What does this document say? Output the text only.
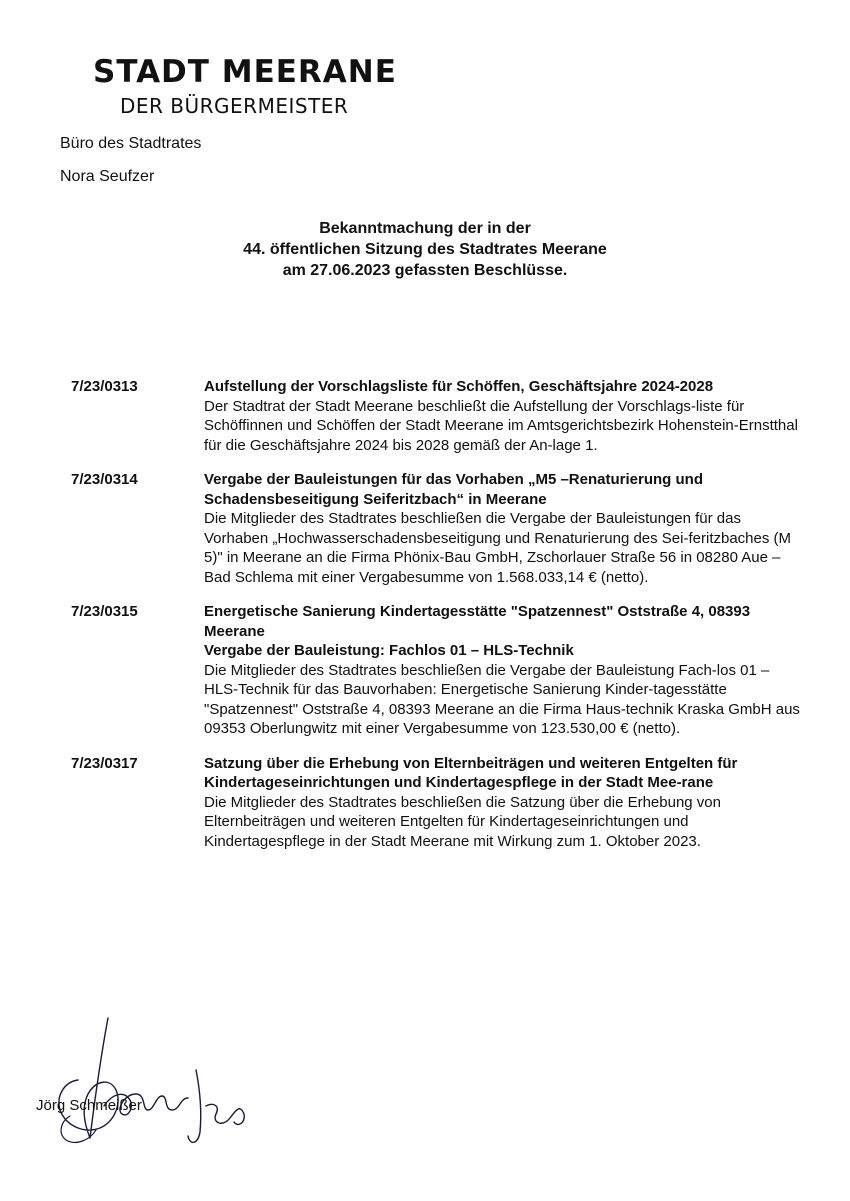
STADT MEERANE
DER BÜRGERMEISTER
Büro des Stadtrates
Nora Seufzer
Bekanntmachung der in der
44. öffentlichen Sitzung des Stadtrates Meerane
am 27.06.2023 gefassten Beschlüsse.
7/23/0313	Aufstellung der Vorschlagsliste für Schöffen, Geschäftsjahre 2024-2028
Der Stadtrat der Stadt Meerane beschließt die Aufstellung der Vorschlags-liste für Schöffinnen und Schöffen der Stadt Meerane im Amtsgerichtsbezirk Hohenstein-Ernstthal für die Geschäftsjahre 2024 bis 2028 gemäß der An-lage 1.
7/23/0314	Vergabe der Bauleistungen für das Vorhaben „M5 –Renaturierung und Schadensbeseitigung Seiferitzbach“ in Meerane
Die Mitglieder des Stadtrates beschließen die Vergabe der Bauleistungen für das Vorhaben „Hochwasserschadensbeseitigung und Renaturierung des Sei-feritzbaches (M 5)" in Meerane an die Firma Phönix-Bau GmbH, Zschorlauer Straße 56 in 08280 Aue – Bad Schlema mit einer Vergabesumme von 1.568.033,14 € (netto).
7/23/0315	Energetische Sanierung Kindertagesstätte "Spatzennest" Oststraße 4, 08393 Meerane
Vergabe der Bauleistung: Fachlos 01 – HLS-Technik
Die Mitglieder des Stadtrates beschließen die Vergabe der Bauleistung Fach-los 01 – HLS-Technik für das Bauvorhaben: Energetische Sanierung Kinder-tagesstätte "Spatzennest" Oststraße 4, 08393 Meerane an die Firma Haus-technik Kraska GmbH aus 09353 Oberlungwitz mit einer Vergabesumme von 123.530,00 € (netto).
7/23/0317	Satzung über die Erhebung von Elternbeiträgen und weiteren Entgelten für Kindertageseinrichtungen und Kindertagespflege in der Stadt Mee-rane
Die Mitglieder des Stadtrates beschließen die Satzung über die Erhebung von Elternbeiträgen und weiteren Entgelten für Kindertageseinrichtungen und Kindertagespflege in der Stadt Meerane mit Wirkung zum 1. Oktober 2023.
Jörg Schmeißer
